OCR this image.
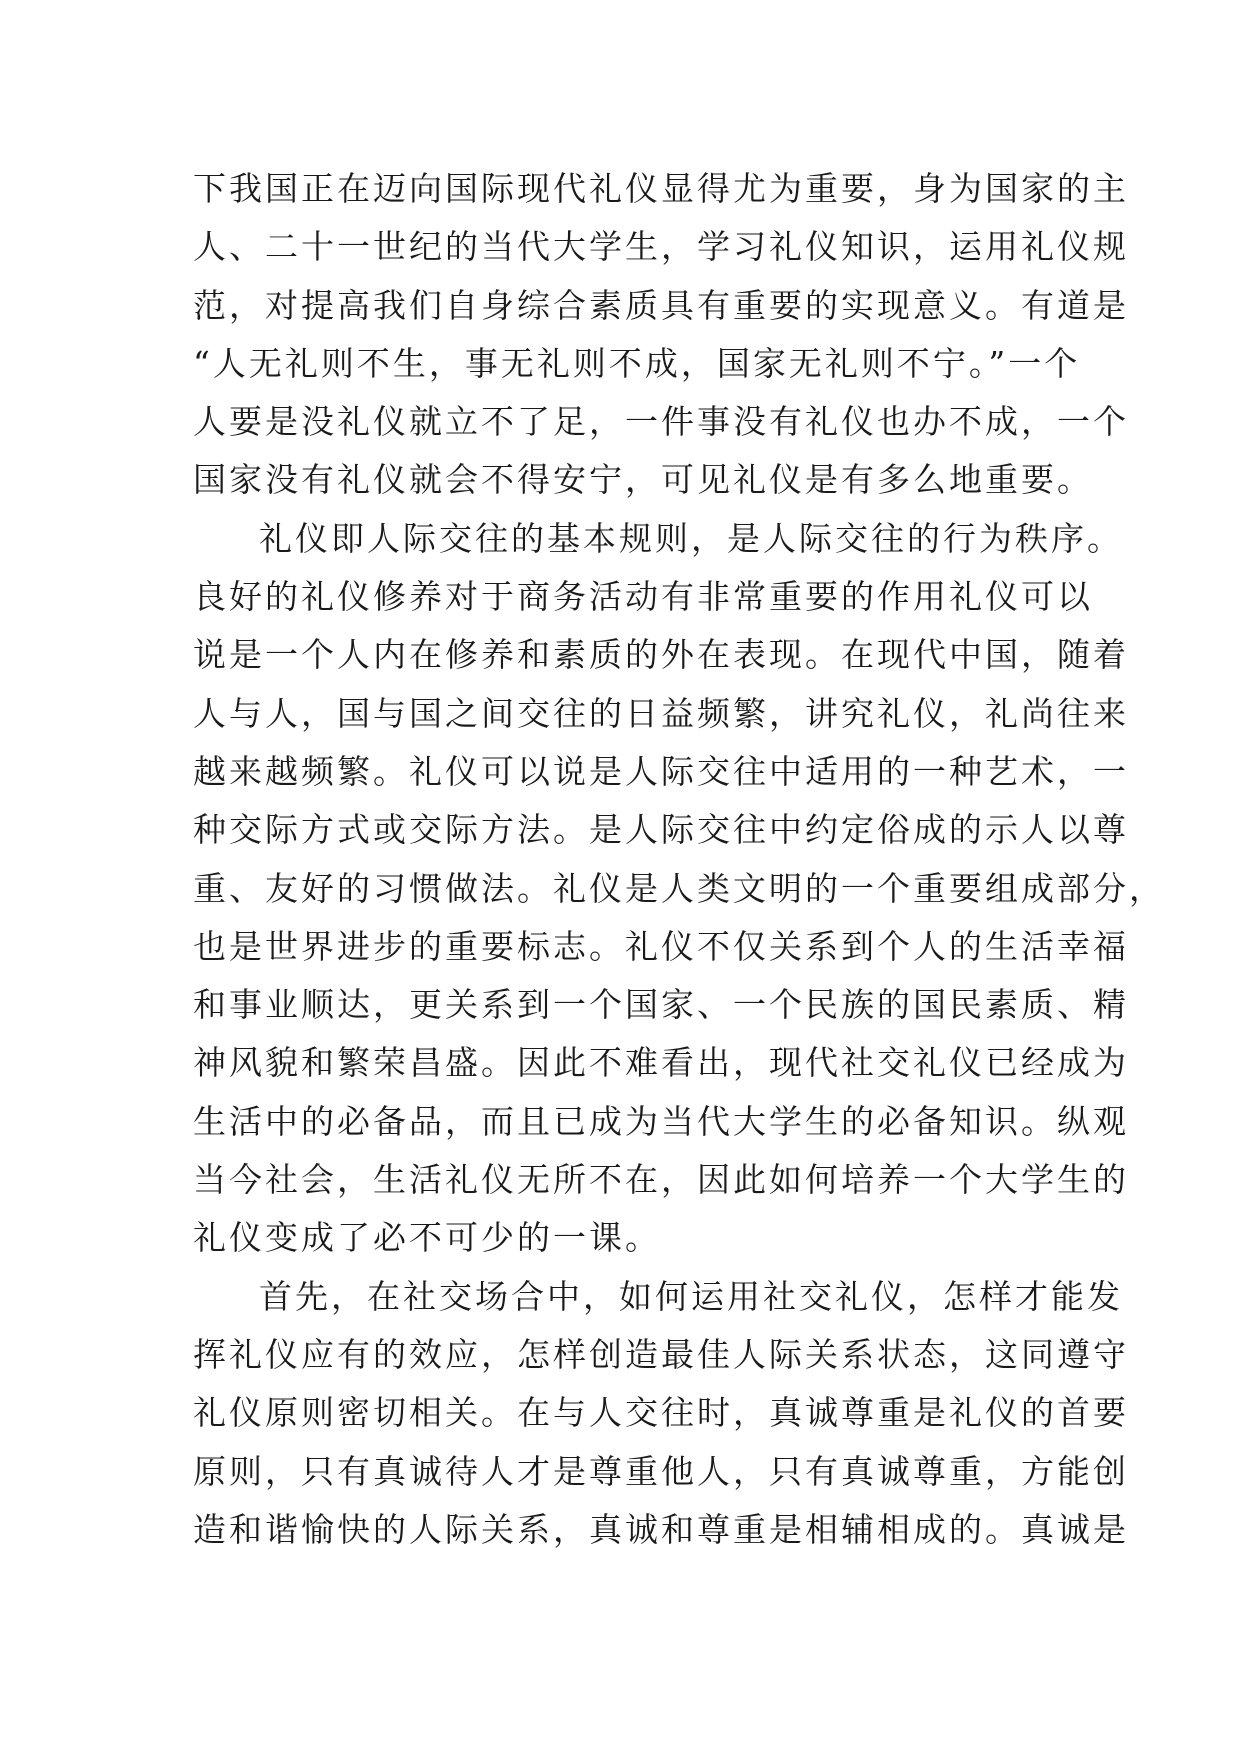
下我国正在迈向国际现代礼仪显得尤为重要，身为国家的主
人、二十一世纪的当代大学生，学习礼仪知识，运用礼仪规
范，对提高我们自身综合素质具有重要的实现意义。有道是
“人无礼则不生，事无礼则不成，国家无礼则不宁。”一个
人要是没礼仪就立不了足，一件事没有礼仪也办不成，一个
国家没有礼仪就会不得安宁，可见礼仪是有多么地重要。
礼仪即人际交往的基本规则，是人际交往的行为秩序。
良好的礼仪修养对于商务活动有非常重要的作用礼仪可以
说是一个人内在修养和素质的外在表现。在现代中国，随着
人与人，国与国之间交往的日益频繁，讲究礼仪，礼尚往来
越来越频繁。礼仪可以说是人际交往中适用的一种艺术，一
种交际方式或交际方法。是人际交往中约定俗成的示人以尊
重、友好的习惯做法。礼仪是人类文明的一个重要组成部分，
也是世界进步的重要标志。礼仪不仅关系到个人的生活幸福
和事业顺达，更关系到一个国家、一个民族的国民素质、精
神风貌和繁荣昌盛。因此不难看出，现代社交礼仪已经成为
生活中的必备品，而且已成为当代大学生的必备知识。纵观
当今社会，生活礼仪无所不在，因此如何培养一个大学生的
礼仪变成了必不可少的一课。
首先，在社交场合中，如何运用社交礼仪，怎样才能发
挥礼仪应有的效应，怎样创造最佳人际关系状态，这同遵守
礼仪原则密切相关。在与人交往时，真诚尊重是礼仪的首要
原则，只有真诚待人才是尊重他人，只有真诚尊重，方能创
造和谐愉快的人际关系，真诚和尊重是相辅相成的。真诚是
